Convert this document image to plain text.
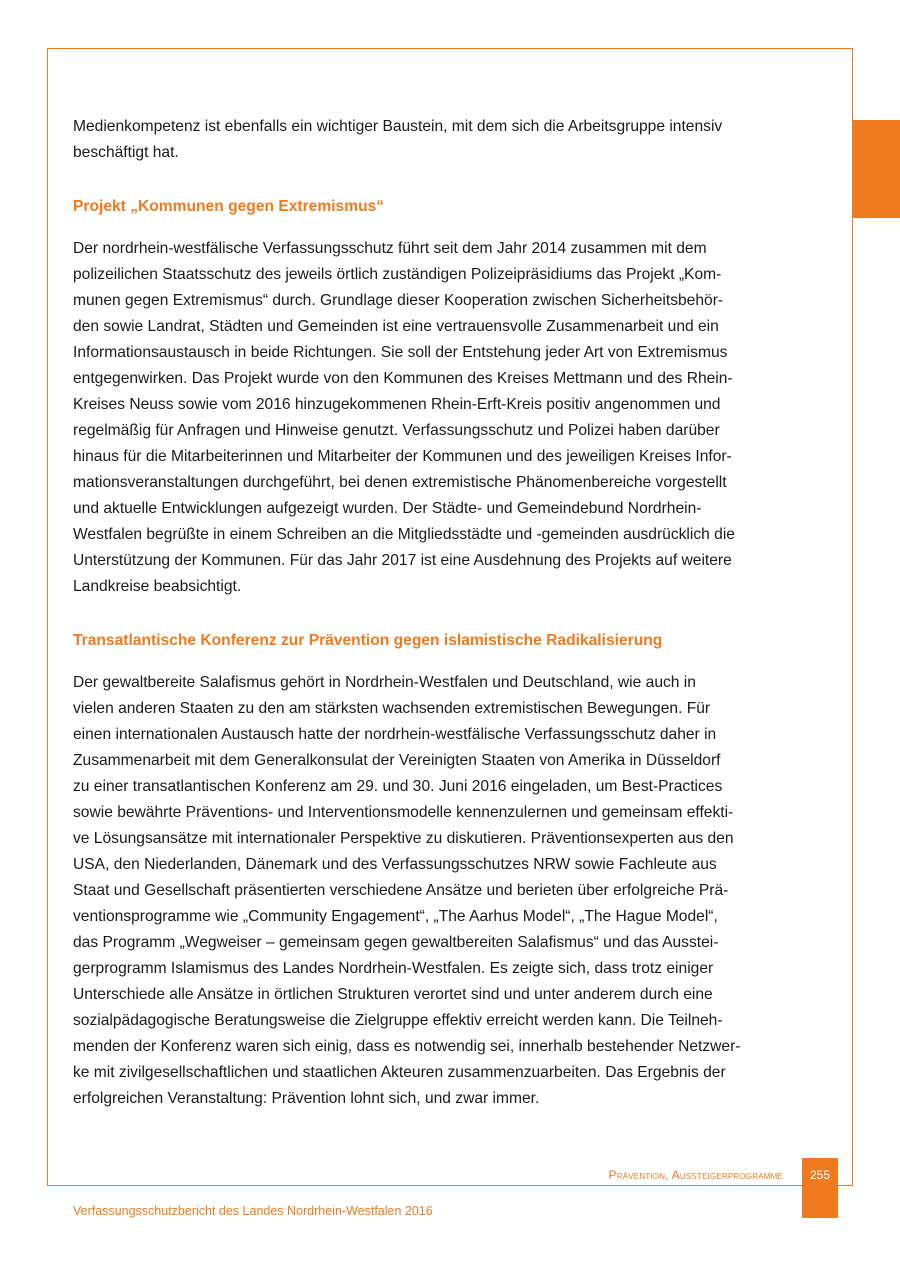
Medienkompetenz ist ebenfalls ein wichtiger Baustein, mit dem sich die Arbeitsgruppe intensiv
beschäftigt hat.

Projekt „Kommunen gegen Extremismus“

Der nordrhein-westfälische Verfassungsschutz führt seit dem Jahr 2014 zusammen mit dem
polizeilichen Staatsschutz des jeweils örtlich zuständigen Polizeipräsidiums das Projekt „Kom-
munen gegen Extremismus“ durch. Grundlage dieser Kooperation zwischen Sicherheitsbehör-
den sowie Landrat, Städten und Gemeinden ist eine vertrauensvolle Zusammenarbeit und ein
Informationsaustausch in beide Richtungen. Sie soll der Entstehung jeder Art von Extremismus
entgegenwirken. Das Projekt wurde von den Kommunen des Kreises Mettmann und des Rhein-
Kreises Neuss sowie vom 2016 hinzugekommenen Rhein-Erft-Kreis positiv angenommen und
regelmäßig für Anfragen und Hinweise genutzt. Verfassungsschutz und Polizei haben darüber
hinaus für die Mitarbeiterinnen und Mitarbeiter der Kommunen und des jeweiligen Kreises Infor-
mationsveranstaltungen durchgeführt, bei denen extremistische Phänomenbereiche vorgestellt
und aktuelle Entwicklungen aufgezeigt wurden. Der Städte- und Gemeindebund Nordrhein-
Westfalen begrüßte in einem Schreiben an die Mitgliedsstädte und -gemeinden ausdrücklich die
Unterstützung der Kommunen. Für das Jahr 2017 ist eine Ausdehnung des Projekts auf weitere
Landkreise beabsichtigt.

Transatlantische Konferenz zur Prävention gegen islamistische Radikalisierung

Der gewaltbereite Salafismus gehört in Nordrhein-Westfalen und Deutschland, wie auch in
vielen anderen Staaten zu den am stärksten wachsenden extremistischen Bewegungen. Für
einen internationalen Austausch hatte der nordrhein-westfälische Verfassungsschutz daher in
Zusammenarbeit mit dem Generalkonsulat der Vereinigten Staaten von Amerika in Düsseldorf
zu einer transatlantischen Konferenz am 29. und 30. Juni 2016 eingeladen, um Best-Practices
sowie bewährte Präventions- und Interventionsmodelle kennenzulernen und gemeinsam effekti-
ve Lösungsansätze mit internationaler Perspektive zu diskutieren. Präventionsexperten aus den
USA, den Niederlanden, Dänemark und des Verfassungsschutzes NRW sowie Fachleute aus
Staat und Gesellschaft präsentierten verschiedene Ansätze und berieten über erfolgreiche Prä-
ventionsprogramme wie „Community Engagement“, „The Aarhus Model“, „The Hague Model“,
das Programm „Wegweiser – gemeinsam gegen gewaltbereiten Salafismus“ und das Ausstei-
gerprogramm Islamismus des Landes Nordrhein-Westfalen. Es zeigte sich, dass trotz einiger
Unterschiede alle Ansätze in örtlichen Strukturen verortet sind und unter anderem durch eine
sozialpädagogische Beratungsweise die Zielgruppe effektiv erreicht werden kann. Die Teilneh-
menden der Konferenz waren sich einig, dass es notwendig sei, innerhalb bestehender Netzwer-
ke mit zivilgesellschaftlichen und staatlichen Akteuren zusammenzuarbeiten. Das Ergebnis der
erfolgreichen Veranstaltung: Prävention lohnt sich, und zwar immer.

Prävention, Aussteigerprogramme	255
Verfassungsschutzbericht des Landes Nordrhein-Westfalen 2016
